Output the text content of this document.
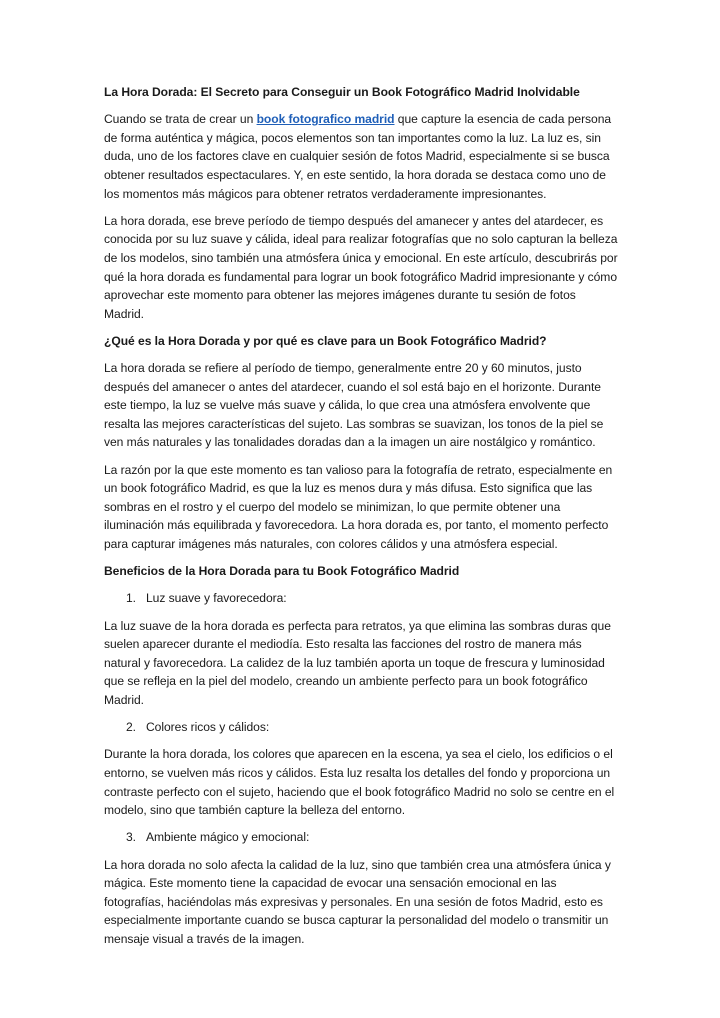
La Hora Dorada: El Secreto para Conseguir un Book Fotográfico Madrid Inolvidable

Cuando se trata de crear un book fotografico madrid que capture la esencia de cada persona de forma auténtica y mágica, pocos elementos son tan importantes como la luz. La luz es, sin duda, uno de los factores clave en cualquier sesión de fotos Madrid, especialmente si se busca obtener resultados espectaculares. Y, en este sentido, la hora dorada se destaca como uno de los momentos más mágicos para obtener retratos verdaderamente impresionantes.

La hora dorada, ese breve período de tiempo después del amanecer y antes del atardecer, es conocida por su luz suave y cálida, ideal para realizar fotografías que no solo capturan la belleza de los modelos, sino también una atmósfera única y emocional. En este artículo, descubrirás por qué la hora dorada es fundamental para lograr un book fotográfico Madrid impresionante y cómo aprovechar este momento para obtener las mejores imágenes durante tu sesión de fotos Madrid.

¿Qué es la Hora Dorada y por qué es clave para un Book Fotográfico Madrid?

La hora dorada se refiere al período de tiempo, generalmente entre 20 y 60 minutos, justo después del amanecer o antes del atardecer, cuando el sol está bajo en el horizonte. Durante este tiempo, la luz se vuelve más suave y cálida, lo que crea una atmósfera envolvente que resalta las mejores características del sujeto. Las sombras se suavizan, los tonos de la piel se ven más naturales y las tonalidades doradas dan a la imagen un aire nostálgico y romántico.

La razón por la que este momento es tan valioso para la fotografía de retrato, especialmente en un book fotográfico Madrid, es que la luz es menos dura y más difusa. Esto significa que las sombras en el rostro y el cuerpo del modelo se minimizan, lo que permite obtener una iluminación más equilibrada y favorecedora. La hora dorada es, por tanto, el momento perfecto para capturar imágenes más naturales, con colores cálidos y una atmósfera especial.

Beneficios de la Hora Dorada para tu Book Fotográfico Madrid

1. Luz suave y favorecedora:

La luz suave de la hora dorada es perfecta para retratos, ya que elimina las sombras duras que suelen aparecer durante el mediodía. Esto resalta las facciones del rostro de manera más natural y favorecedora. La calidez de la luz también aporta un toque de frescura y luminosidad que se refleja en la piel del modelo, creando un ambiente perfecto para un book fotográfico Madrid.

2. Colores ricos y cálidos:

Durante la hora dorada, los colores que aparecen en la escena, ya sea el cielo, los edificios o el entorno, se vuelven más ricos y cálidos. Esta luz resalta los detalles del fondo y proporciona un contraste perfecto con el sujeto, haciendo que el book fotográfico Madrid no solo se centre en el modelo, sino que también capture la belleza del entorno.

3. Ambiente mágico y emocional:

La hora dorada no solo afecta la calidad de la luz, sino que también crea una atmósfera única y mágica. Este momento tiene la capacidad de evocar una sensación emocional en las fotografías, haciéndolas más expresivas y personales. En una sesión de fotos Madrid, esto es especialmente importante cuando se busca capturar la personalidad del modelo o transmitir un mensaje visual a través de la imagen.
